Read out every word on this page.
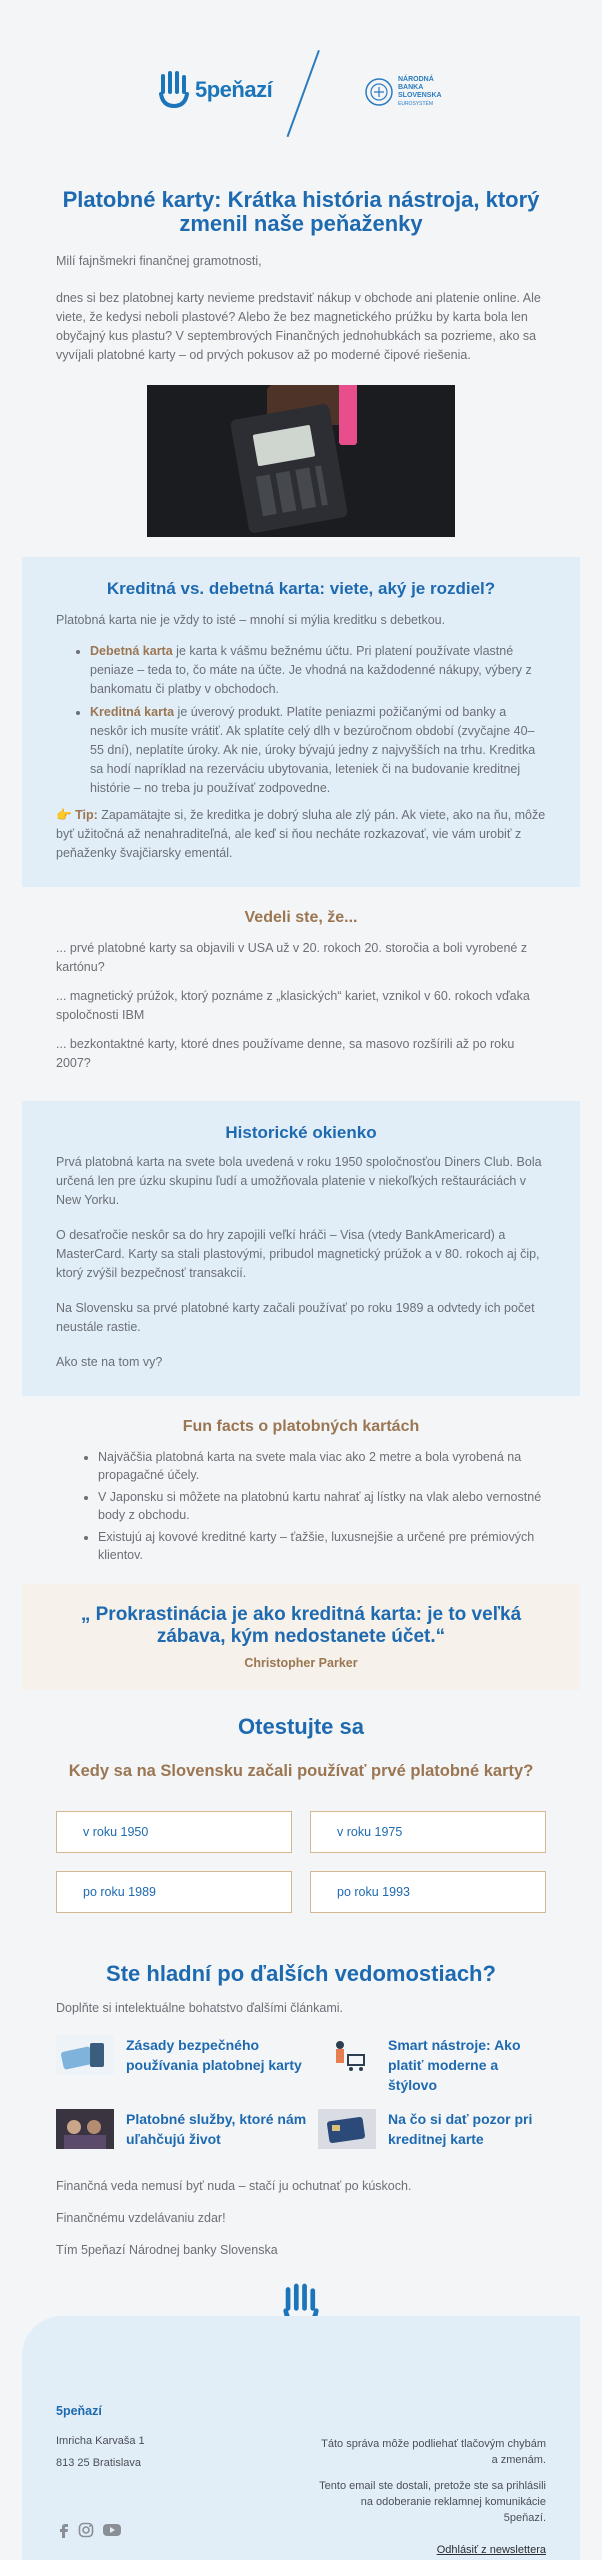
5peňazí	NÁRODNÁ
BANKA
SLOVENSKA
EUROSYSTÉM
Platobné karty: Krátka história nástroja, ktorý zmenil naše peňaženky

Milí fajnšmekri finančnej gramotnosti,

dnes si bez platobnej karty nevieme predstaviť nákup v obchode ani platenie online. Ale viete, že kedysi neboli plastové? Alebo že bez magnetického prúžku by karta bola len obyčajný kus plastu? V septembrových Finančných jednohubkách sa pozrieme, ako sa vyvíjali platobné karty – od prvých pokusov až po moderné čipové riešenia.

Kreditná vs. debetná karta: viete, aký je rozdiel?

Platobná karta nie je vždy to isté – mnohí si mýlia kreditku s debetkou.

• Debetná karta je karta k vášmu bežnému účtu. Pri platení používate vlastné peniaze – teda to, čo máte na účte. Je vhodná na každodenné nákupy, výbery z bankomatu či platby v obchodoch.
• Kreditná karta je úverový produkt. Platíte peniazmi požičanými od banky a neskôr ich musíte vrátiť. Ak splatíte celý dlh v bezúročnom období (zvyčajne 40–55 dní), neplatíte úroky. Ak nie, úroky bývajú jedny z najvyšších na trhu. Kreditka sa hodí napríklad na rezerváciu ubytovania, leteniek či na budovanie kreditnej histórie – no treba ju používať zodpovedne.

👉 Tip: Zapamätajte si, že kreditka je dobrý sluha ale zlý pán. Ak viete, ako na ňu, môže byť užitočná až nenahraditeľná, ale keď si ňou necháte rozkazovať, vie vám urobiť z peňaženky švajčiarsky ementál.

Vedeli ste, že...

... prvé platobné karty sa objavili v USA už v 20. rokoch 20. storočia a boli vyrobené z kartónu?

... magnetický prúžok, ktorý poznáme z „klasických“ kariet, vznikol v 60. rokoch vďaka spoločnosti IBM

... bezkontaktné karty, ktoré dnes používame denne, sa masovo rozšírili až po roku 2007?

Historické okienko

Prvá platobná karta na svete bola uvedená v roku 1950 spoločnosťou Diners Club. Bola určená len pre úzku skupinu ľudí a umožňovala platenie v niekoľkých reštauráciách v New Yorku.

O desaťročie neskôr sa do hry zapojili veľkí hráči – Visa (vtedy BankAmericard) a MasterCard. Karty sa stali plastovými, pribudol magnetický prúžok a v 80. rokoch aj čip, ktorý zvýšil bezpečnosť transakcií.

Na Slovensku sa prvé platobné karty začali používať po roku 1989 a odvtedy ich počet neustále rastie.

Ako ste na tom vy?

Fun facts o platobných kartách
• Najväčšia platobná karta na svete mala viac ako 2 metre a bola vyrobená na propagačné účely.
• V Japonsku si môžete na platobnú kartu nahrať aj lístky na vlak alebo vernostné body z obchodu.
• Existujú aj kovové kreditné karty – ťažšie, luxusnejšie a určené pre prémiových klientov.

„ Prokrastinácia je ako kreditná karta: je to veľká zábava, kým nedostanete účet.“

Christopher Parker

Otestujte sa
Kedy sa na Slovensku začali používať prvé platobné karty?
v roku 1950	v roku 1975
po roku 1989	po roku 1993
Ste hladní po ďalších vedomostiach?

Doplňte si intelektuálne bohatstvo ďalšími článkami.

Zásady bezpečného používania platobnej karty
Smart nástroje: Ako platiť moderne a štýlovo
Platobné služby, ktoré nám uľahčujú život
Na čo si dať pozor pri kreditnej karte

Finančná veda nemusí byť nuda – stačí ju ochutnať po kúskoch.

Finančnému vzdelávaniu zdar!

Tím 5peňazí Národnej banky Slovenska

5peňazí
Imricha Karvaša 1
813 25 Bratislava

Táto správa môže podliehať tlačovým chybám a zmenám.

Tento email ste dostali, pretože ste sa prihlásili na odoberanie reklamnej komunikácie 5peňazí.

Odhlásiť z newslettera
